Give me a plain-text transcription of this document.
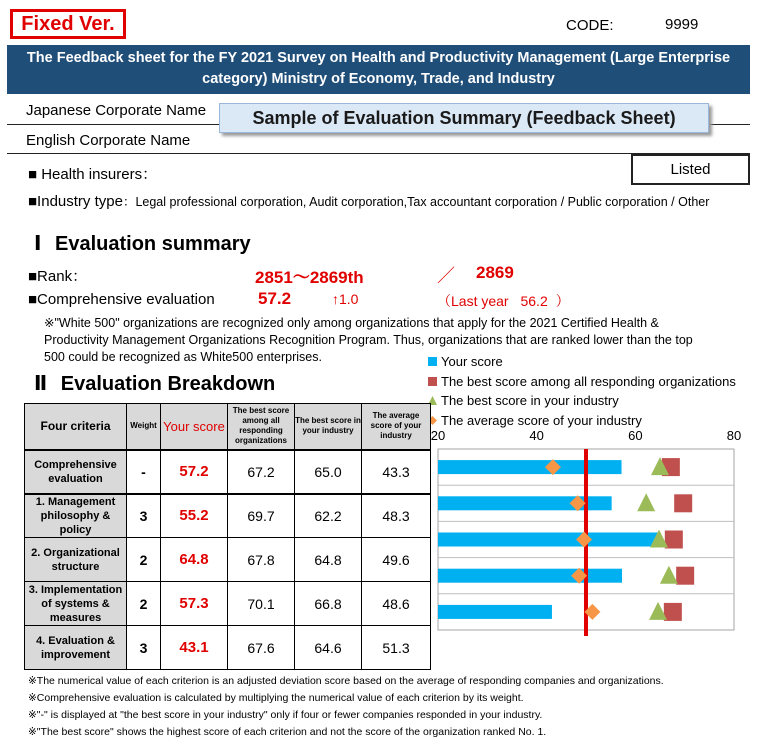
Fixed Ver.	CODE:	9999
The Feedback sheet for the FY 2021 Survey on Health and Productivity Management (Large Enterprise
category) Ministry of Economy, Trade, and Industry
Japanese Corporate Name
English Corporate Name
Sample of Evaluation Summary (Feedback Sheet)
■ Health insurers：	Listed
■Industry type：Legal professional corporation, Audit corporation,Tax accountant corporation / Public corporation / Other
Ⅰ Evaluation summary
■Rank：	2851～2869th	／ 2869
■Comprehensive evaluation	57.2	↑1.0	（Last year 56.2 ）
※"White 500" organizations are recognized only among organizations that apply for the 2021 Certified Health &
Productivity Management Organizations Recognition Program. Thus, organizations that are ranked lower than the top
500 could be recognized as White500 enterprises.
Ⅱ Evaluation Breakdown
Your score
The best score among all responding organizations
The best score in your industry
The average score of your industry
Four criteria	Weight	Your score	The best score among all responding organizations	The best score in your industry	The average score of your industry
Comprehensive evaluation	-	57.2	67.2	65.0	43.3
1. Management philosophy & policy	3	55.2	69.7	62.2	48.3
2. Organizational structure	2	64.8	67.8	64.8	49.6
3. Implementation of systems & measures	2	57.3	70.1	66.8	48.6
4. Evaluation & improvement	3	43.1	67.6	64.6	51.3
20	40	60	80
※The numerical value of each criterion is an adjusted deviation score based on the average of responding companies and organizations.
※Comprehensive evaluation is calculated by multiplying the numerical value of each criterion by its weight.
※"-" is displayed at "the best score in your industry" only if four or fewer companies responded in your industry.
※"The best score" shows the highest score of each criterion and not the score of the organization ranked No. 1.
